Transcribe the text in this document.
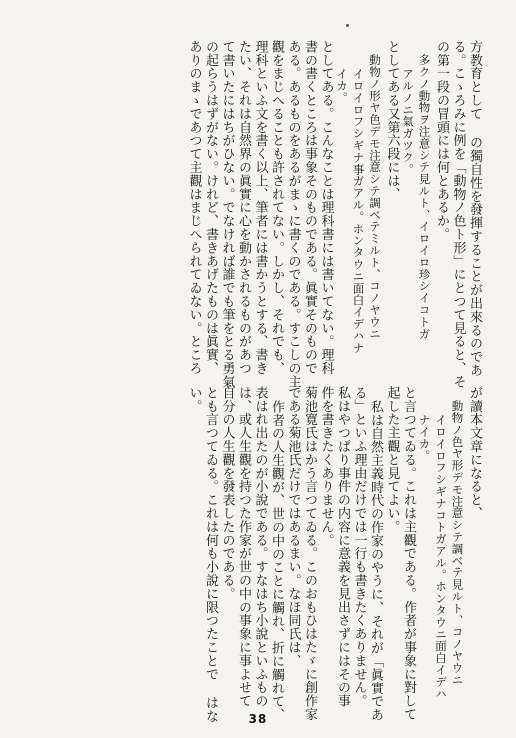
方教育として の獨自性を發揮することが出來るのであ
る。こゝろみに例を「動物ノ色ト形」にとつて見ると、そ
の第一段の冒頭には何とあるか。
多クノ動物ヲ注意シテ見ルト、イロイロ珍シイコトガ
アルノニ氣ガツク。
としてある又第六段には、
動物ノ形ヤ色デモ注意シテ調ベテミルト、コノヤウニ
イロイロフシギナ事ガアル。ホンタウニ面白イデハナ
イカ。
としてある。こんなことは理科書には書いてない。理科
書の書くところは事象そのものである。眞實そのもので
ある。あるものをあるがまゝに書くのである。すこしの主
觀をまじへることも許されてない。しかし、それでも、
理科といふ文を書く以上、筆者には書かうとする、書き
たい、それは自然界の眞實に心を動かされるものがあつ
て書いたにはちがひない。でなければ誰でも筆をとる勇氣
の起らうはずがない。けれど、書きあげたものは眞實、
ありのまゝであつて主觀はまじへられてゐない。ところ
が讀本文章になると、
動物ノ色ヤ形デモ注意シテ調ベテ見ルト、コノヤウニ
イロイロフシギナコトガアル。ホンタウニ面白イデハ
ナイカ。
と言つてゐる。これは主觀である。作者が事象に對して
起した主觀と見てよい。
私は自然主義時代の作家のやうに、それが「眞實であ
る」といふ理由だけでは一行も書きたくありません。
私はやつぱり事件の内容に意義を見出さずにはその事
件を書きたくありません。
菊池寛氏はかう言つてゐる。このおもひはたゞに創作家
である菊池氏だけではあるまい。なほ同氏は、
作者の人生觀が、世の中のことに觸れ、折に觸れて、
表はれ出たのが小說である。すなはち小說といふもの
は、或人生觀を持つた作家が世の中の事象に事よせて
自分の人生觀を發表したのである。
とも言つてゐる。これは何も小說に限つたことで はな
い。
38
